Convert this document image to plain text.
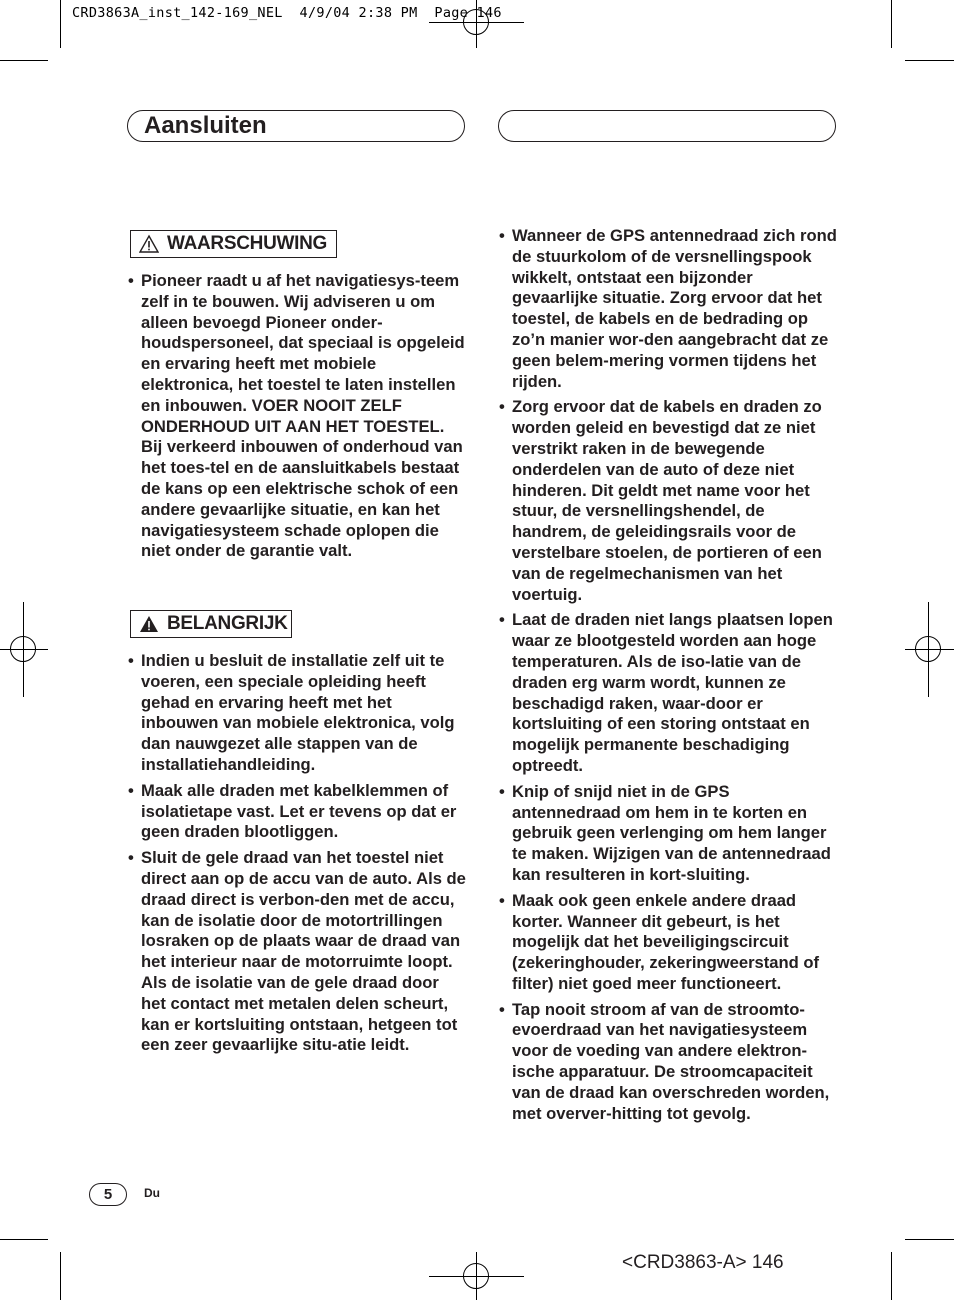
CRD3863A_inst_142-169_NEL  4/9/04 2:38 PM  Page 146
Aansluiten
WAARSCHUWING
• Pioneer raadt u af het navigatiesys-teem zelf in te bouwen. Wij adviseren u om alleen bevoegd Pioneer onder-houdspersoneel, dat speciaal is opgeleid en ervaring heeft met mobiele elektronica, het toestel te laten instellen en inbouwen. VOER NOOIT ZELF ONDERHOUD UIT AAN HET TOESTEL. Bij verkeerd inbouwen of onderhoud van het toes-tel en de aansluitkabels bestaat de kans op een elektrische schok of een andere gevaarlijke situatie, en kan het navigatiesysteem schade oplopen die niet onder de garantie valt.
BELANGRIJK
• Indien u besluit de installatie zelf uit te voeren, een speciale opleiding heeft gehad en ervaring heeft met het inbouwen van mobiele elektronica, volg dan nauwgezet alle stappen van de installatiehandleiding.
• Maak alle draden met kabelklemmen of isolatietape vast. Let er tevens op dat er geen draden blootliggen.
• Sluit de gele draad van het toestel niet direct aan op de accu van de auto. Als de draad direct is verbon-den met de accu, kan de isolatie door de motortrillingen losraken op de plaats waar de draad van het interieur naar de motorruimte loopt. Als de isolatie van de gele draad door het contact met metalen delen scheurt, kan er kortsluiting ontstaan, hetgeen tot een zeer gevaarlijke situ-atie leidt.
• Wanneer de GPS antennedraad zich rond de stuurkolom of de versnellingspook wikkelt, ontstaat een bijzonder gevaarlijke situatie. Zorg ervoor dat het toestel, de kabels en de bedrading op zo’n manier wor-den aangebracht dat ze geen belem-mering vormen tijdens het rijden.
• Zorg ervoor dat de kabels en draden zo worden geleid en bevestigd dat ze niet verstrikt raken in de bewegende onderdelen van de auto of deze niet hinderen. Dit geldt met name voor het stuur, de versnellingshendel, de handrem, de geleidingsrails voor de verstelbare stoelen, de portieren of een van de regelmechanismen van het voertuig.
• Laat de draden niet langs plaatsen lopen waar ze blootgesteld worden aan hoge temperaturen. Als de iso-latie van de draden erg warm wordt, kunnen ze beschadigd raken, waar-door er kortsluiting of een storing ontstaat en mogelijk permanente beschadiging optreedt.
• Knip of snijd niet in de GPS antennedraad om hem in te korten en gebruik geen verlenging om hem langer te maken. Wijzigen van de antennedraad kan resulteren in kort-sluiting.
• Maak ook geen enkele andere draad korter. Wanneer dit gebeurt, is het mogelijk dat het beveiligingscircuit (zekeringhouder, zekeringweerstand of filter) niet goed meer functioneert.
• Tap nooit stroom af van de stroomto-evoerdraad van het navigatiesysteem voor de voeding van andere elektron-ische apparatuur. De stroomcapaciteit van de draad kan overschreden worden, met overver-hitting tot gevolg.
5	Du
<CRD3863-A> 146
